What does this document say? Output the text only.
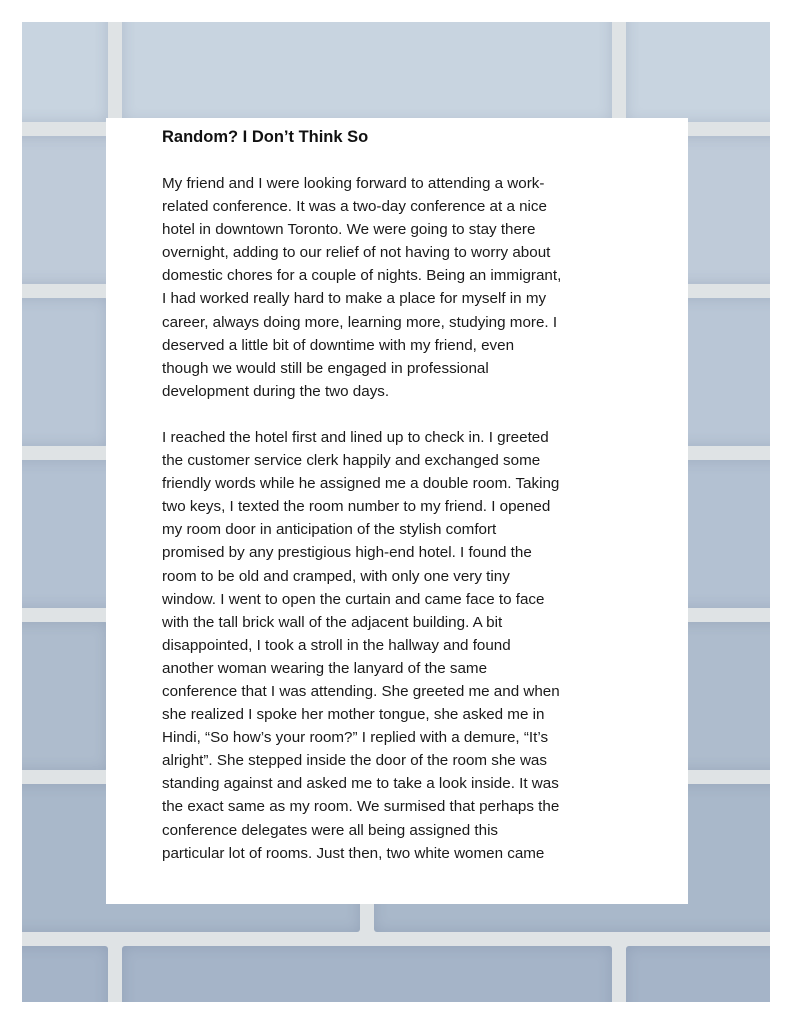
Random? I Don’t Think So
My friend and I were looking forward to attending a work-
related conference. It was a two-day conference at a nice
hotel in downtown Toronto. We were going to stay there
overnight, adding to our relief of not having to worry about
domestic chores for a couple of nights. Being an immigrant,
I had worked really hard to make a place for myself in my
career, always doing more, learning more, studying more. I
deserved a little bit of downtime with my friend, even
though we would still be engaged in professional
development during the two days.
I reached the hotel first and lined up to check in. I greeted
the customer service clerk happily and exchanged some
friendly words while he assigned me a double room. Taking
two keys, I texted the room number to my friend. I opened
my room door in anticipation of the stylish comfort
promised by any prestigious high-end hotel. I found the
room to be old and cramped, with only one very tiny
window. I went to open the curtain and came face to face
with the tall brick wall of the adjacent building. A bit
disappointed, I took a stroll in the hallway and found
another woman wearing the lanyard of the same
conference that I was attending. She greeted me and when
she realized I spoke her mother tongue, she asked me in
Hindi, “So how’s your room?” I replied with a demure, “It’s
alright”. She stepped inside the door of the room she was
standing against and asked me to take a look inside. It was
the exact same as my room. We surmised that perhaps the
conference delegates were all being assigned this
particular lot of rooms. Just then, two white women came
